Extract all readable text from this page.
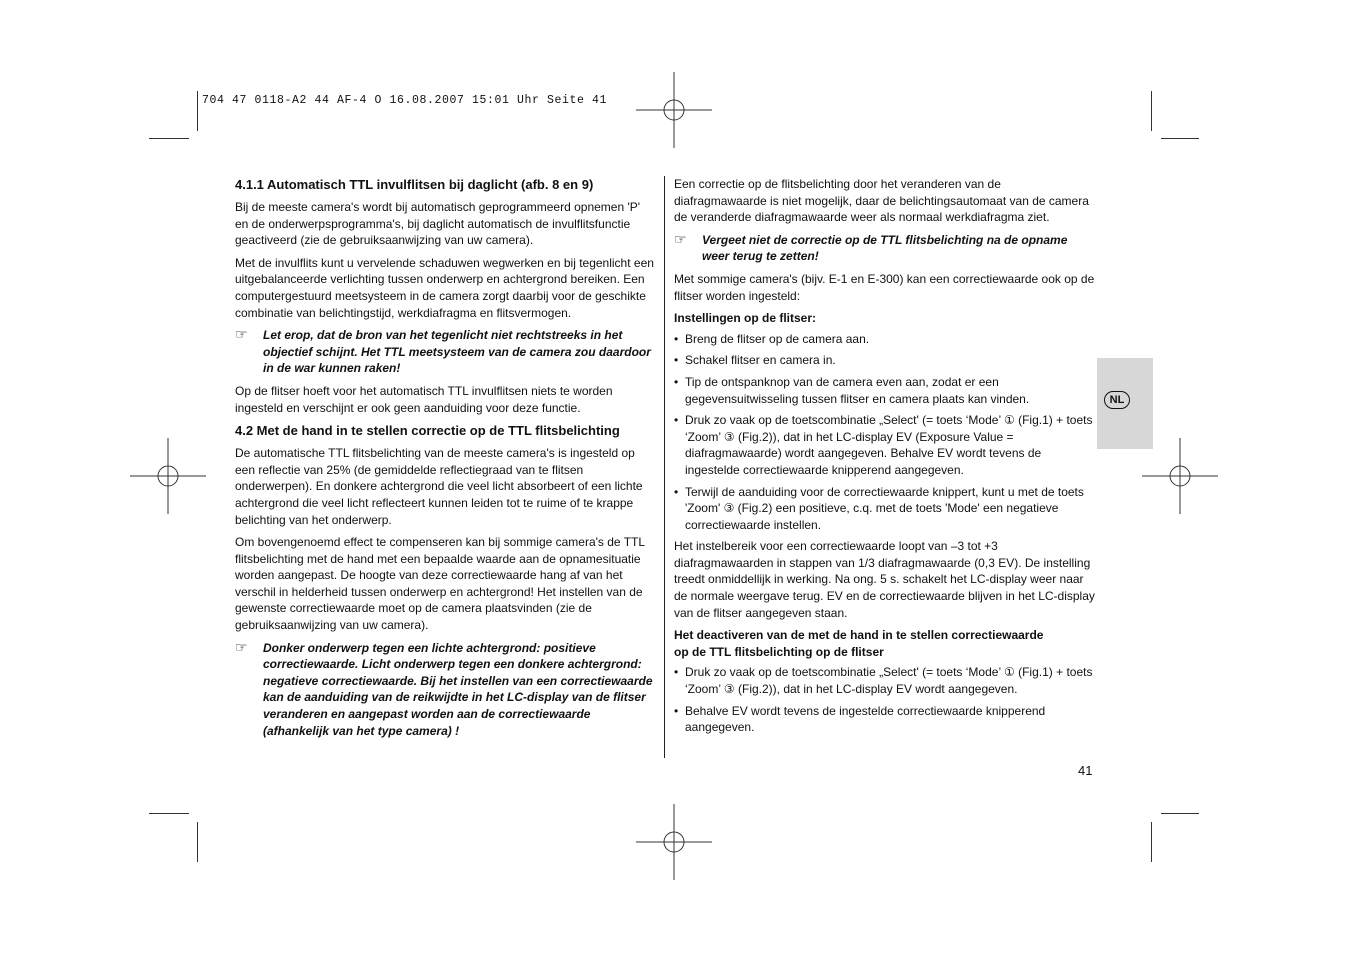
704 47 0118-A2 44 AF-4 O 16.08.2007 15:01 Uhr Seite 41
4.1.1 Automatisch TTL invulflitsen bij daglicht (afb. 8 en 9)

Bij de meeste camera's wordt bij automatisch geprogrammeerd opnemen 'P' en de onderwerpsprogramma's, bij daglicht automatisch de invulflitsfunctie geactiveerd (zie de gebruiksaanwijzing van uw camera).

Met de invulflits kunt u vervelende schaduwen wegwerken en bij tegenlicht een uitgebalanceerde verlichting tussen onderwerp en achtergrond bereiken. Een computergestuurd meetsysteem in de camera zorgt daarbij voor de geschikte combinatie van belichtingstijd, werkdiafragma en flitsvermogen.

☞ Let erop, dat de bron van het tegenlicht niet rechtstreeks in het objectief schijnt. Het TTL meetsysteem van de camera zou daardoor in de war kunnen raken!

Op de flitser hoeft voor het automatisch TTL invulflitsen niets te worden ingesteld en verschijnt er ook geen aanduiding voor deze functie.

4.2 Met de hand in te stellen correctie op de TTL flitsbelichting

De automatische TTL flitsbelichting van de meeste camera's is ingesteld op een reflectie van 25% (de gemiddelde reflectiegraad van te flitsen onderwerpen). En donkere achtergrond die veel licht absorbeert of een lichte achtergrond die veel licht reflecteert kunnen leiden tot te ruime of te krappe belichting van het onderwerp.

Om bovengenoemd effect te compenseren kan bij sommige camera's de TTL flitsbelichting met de hand met een bepaalde waarde aan de opnamesituatie worden aangepast. De hoogte van deze correctiewaarde hang af van het verschil in helderheid tussen onderwerp en achtergrond! Het instellen van de gewenste correctiewaarde moet op de camera plaatsvinden (zie de gebruiksaanwijzing van uw camera).

☞ Donker onderwerp tegen een lichte achtergrond: positieve correctiewaarde. Licht onderwerp tegen een donkere achtergrond: negatieve correctiewaarde. Bij het instellen van een correctiewaarde kan de aanduiding van de reikwijdte in het LC-display van de flitser veranderen en aangepast worden aan de correctiewaarde (afhankelijk van het type camera) !

Een correctie op de flitsbelichting door het veranderen van de diafragmawaarde is niet mogelijk, daar de belichtingsautomaat van de camera de veranderde diafragmawaarde weer als normaal werkdiafragma ziet.

☞ Vergeet niet de correctie op de TTL flitsbelichting na de opname weer terug te zetten!

Met sommige camera's (bijv. E-1 en E-300) kan een correctiewaarde ook op de flitser worden ingesteld:

Instellingen op de flitser:
• Breng de flitser op de camera aan.
• Schakel flitser en camera in.
• Tip de ontspanknop van de camera even aan, zodat er een gegevensuitwisseling tussen flitser en camera plaats kan vinden.
• Druk zo vaak op de toetscombinatie „Select' (= toets ‘Mode’ ① (Fig.1) + toets ‘Zoom’ ③ (Fig.2)), dat in het LC-display EV (Exposure Value = diafragmawaarde) wordt aangegeven. Behalve EV wordt tevens de ingestelde correctiewaarde knipperend aangegeven.
• Terwijl de aanduiding voor de correctiewaarde knippert, kunt u met de toets 'Zoom' ③ (Fig.2) een positieve, c.q. met de toets 'Mode' een negatieve correctiewaarde instellen.

Het instelbereik voor een correctiewaarde loopt van –3 tot +3 diafragmawaarden in stappen van 1/3 diafragmawaarde (0,3 EV). De instelling treedt onmiddellijk in werking. Na ong. 5 s. schakelt het LC-display weer naar de normale weergave terug. EV en de correctiewaarde blijven in het LC-display van de flitser aangegeven staan.

Het deactiveren van de met de hand in te stellen correctiewaarde
op de TTL flitsbelichting op de flitser
• Druk zo vaak op de toetscombinatie „Select' (= toets ‘Mode’ ① (Fig.1) + toets ‘Zoom’ ③ (Fig.2)), dat in het LC-display EV wordt aangegeven.
• Behalve EV wordt tevens de ingestelde correctiewaarde knipperend aangegeven.
NL
41
